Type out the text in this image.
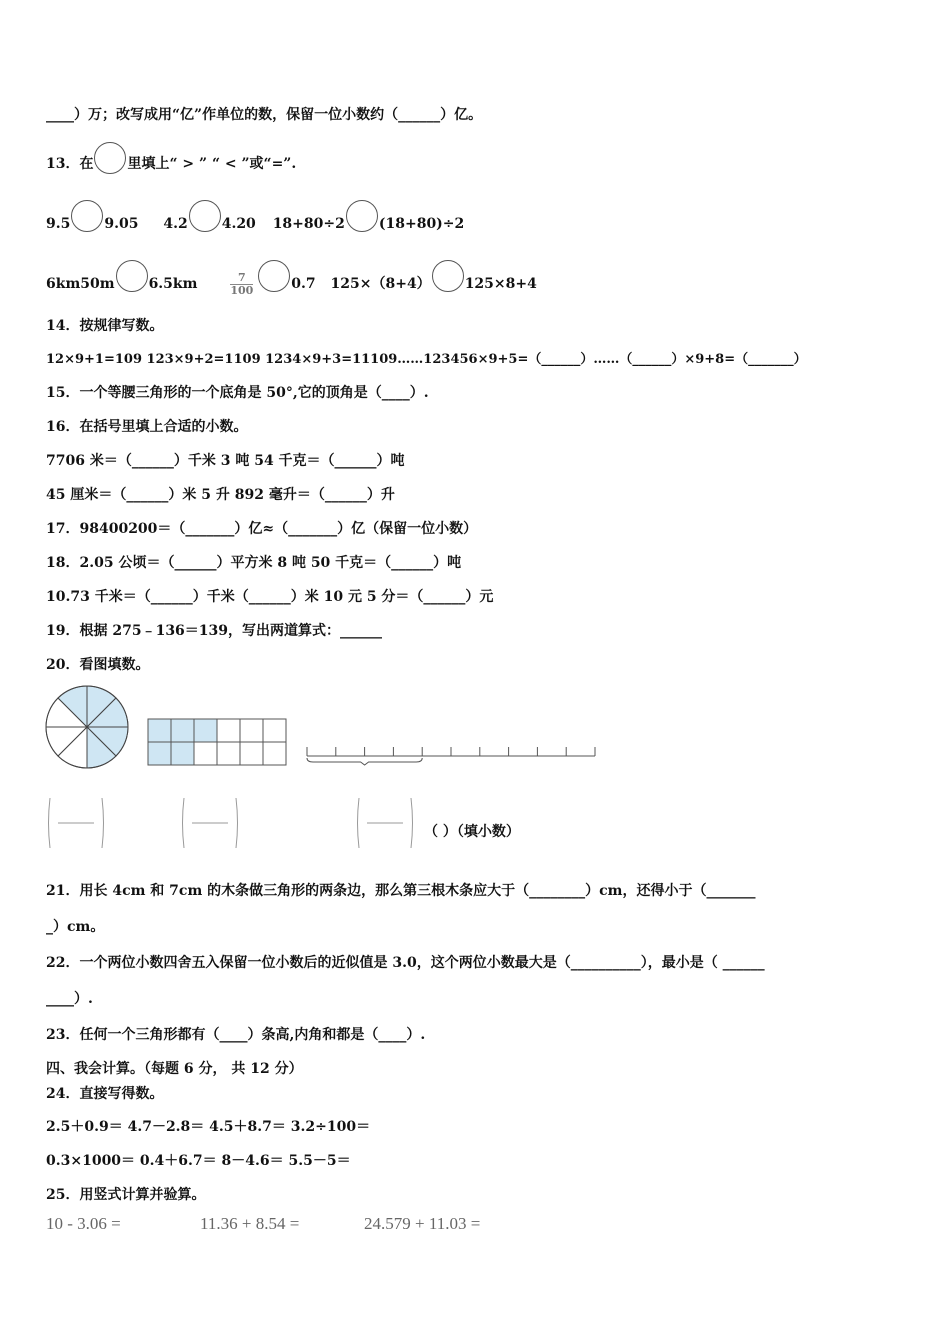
____）万；改写成用“亿”作单位的数，保留一位小数约（______）亿。
13．在 里填上“ > ” “ < ”或“=”.
9.5 9.05 4.2 4.20 18+80÷2 (18+80)÷2
6km50m 6.5km	$\frac{7}{100}$	0.7 125×（8+4） 125×8+4
14．按规律写数。
12×9+1=109 123×9+2=1109 1234×9+3=11109……123456×9+5=（______）……（______）×9+8=（_______）
15．一个等腰三角形的一个底角是 50°,它的顶角是（____）.
16．在括号里填上合适的小数。
7706 米＝（______）千米 3 吨 54 千克＝（______）吨
45 厘米＝（______）米 5 升 892 毫升＝（______）升
17．98400200＝（_______）亿≈（_______）亿（保留一位小数）
18．2.05 公顷＝（______）平方米 8 吨 50 千克＝（______）吨
10.73 千米＝（______）千米（______）米 10 元 5 分＝（______）元
19．根据 275﹣136＝139，写出两道算式：______
20．看图填数。
（ ）（填小数）
21．用长 4cm 和 7cm 的木条做三角形的两条边，那么第三根木条应大于（________）cm，还得小于（_______
_）cm。
22．一个两位小数四舍五入保留一位小数后的近似值是 3.0，这个两位小数最大是（__________），最小是（ ______
____）.
23．任何一个三角形都有（____）条高,内角和都是（____）.
四、我会计算。（每题 6 分， 共 12 分）
24．直接写得数。
2.5＋0.9＝ 4.7－2.8＝ 4.5＋8.7＝ 3.2÷100＝
0.3×1000＝ 0.4＋6.7＝ 8－4.6＝ 5.5－5＝
25．用竖式计算并验算。
10 - 3.06 =	11.36 + 8.54 =	24.579 + 11.03 =
